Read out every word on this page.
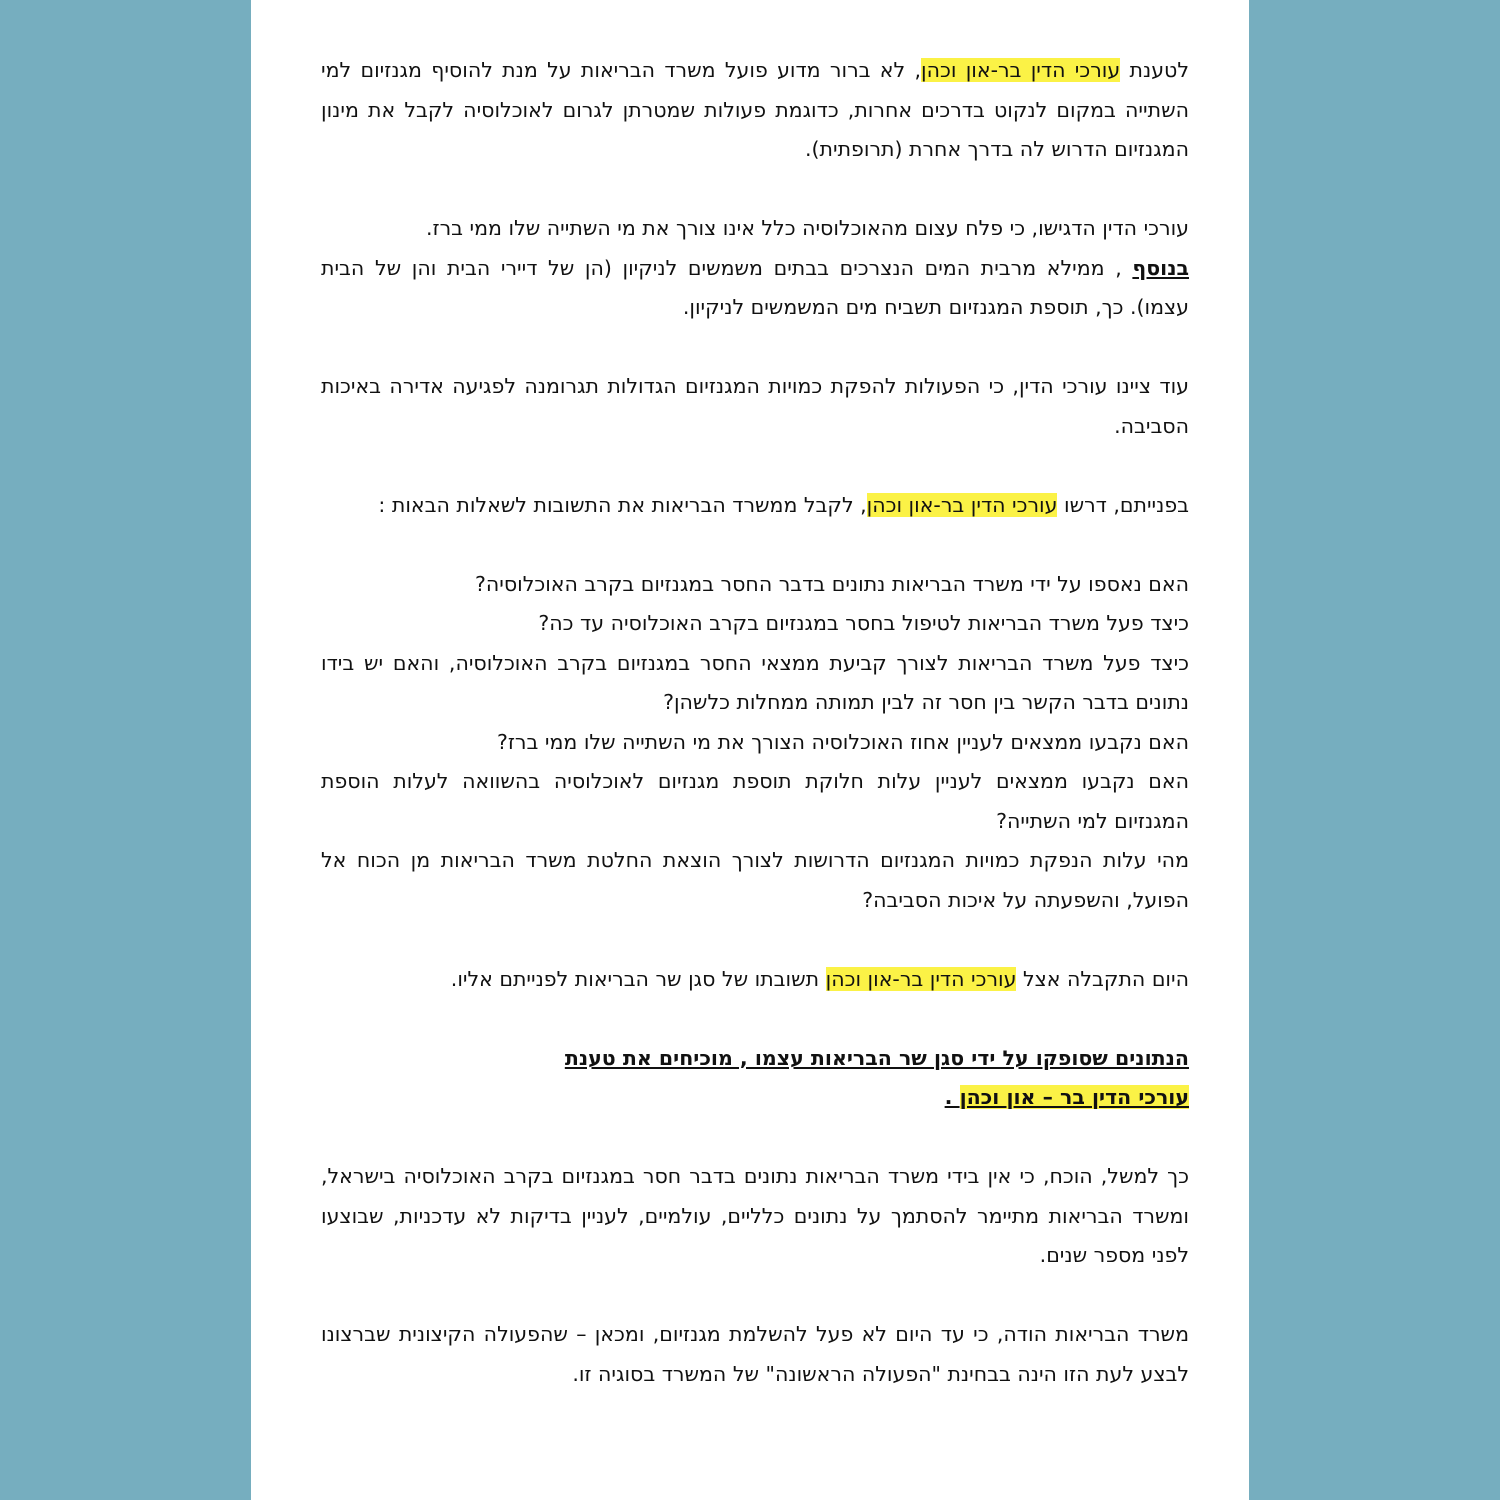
לטענת עורכי הדין בר-און וכהן, לא ברור מדוע פועל משרד הבריאות על מנת להוסיף מגנזיום למי השתייה במקום לנקוט בדרכים אחרות, כדוגמת פעולות שמטרתן לגרום לאוכלוסיה לקבל את מינון המגנזיום הדרוש לה בדרך אחרת (תרופתית).

עורכי הדין הדגישו, כי פלח עצום מהאוכלוסיה כלל אינו צורך את מי השתייה שלו ממי ברז.
בנוסף , ממילא מרבית המים הנצרכים בבתים משמשים לניקיון (הן של דיירי הבית והן של הבית עצמו). כך, תוספת המגנזיום תשביח מים המשמשים לניקיון.

עוד ציינו עורכי הדין, כי הפעולות להפקת כמויות המגנזיום הגדולות תגרומנה לפגיעה אדירה באיכות הסביבה.

בפנייתם, דרשו עורכי הדין בר-און וכהן, לקבל ממשרד הבריאות את התשובות לשאלות הבאות :

האם נאספו על ידי משרד הבריאות נתונים בדבר החסר במגנזיום בקרב האוכלוסיה?

כיצד פעל משרד הבריאות לטיפול בחסר במגנזיום בקרב האוכלוסיה עד כה?

כיצד פעל משרד הבריאות לצורך קביעת ממצאי החסר במגנזיום בקרב האוכלוסיה, והאם יש בידו נתונים בדבר הקשר בין חסר זה לבין תמותה ממחלות כלשהן?

האם נקבעו ממצאים לעניין אחוז האוכלוסיה הצורך את מי השתייה שלו ממי ברז?

האם נקבעו ממצאים לעניין עלות חלוקת תוספת מגנזיום לאוכלוסיה בהשוואה לעלות הוספת המגנזיום למי השתייה?

מהי עלות הנפקת כמויות המגנזיום הדרושות לצורך הוצאת החלטת משרד הבריאות מן הכוח אל הפועל, והשפעתה על איכות הסביבה?

היום התקבלה אצל עורכי הדין בר-און וכהן תשובתו של סגן שר הבריאות לפנייתם אליו.

הנתונים שסופקו על ידי סגן שר הבריאות עצמו , מוכיחים את טענת
עורכי הדין בר – און וכהן .

כך למשל, הוכח, כי אין בידי משרד הבריאות נתונים בדבר חסר במגנזיום בקרב האוכלוסיה בישראל, ומשרד הבריאות מתיימר להסתמך על נתונים כלליים, עולמיים, לעניין בדיקות לא עדכניות, שבוצעו לפני מספר שנים.

משרד הבריאות הודה, כי עד היום לא פעל להשלמת מגנזיום, ומכאן – שהפעולה הקיצונית שברצונו לבצע לעת הזו הינה בבחינת "הפעולה הראשונה" של המשרד בסוגיה זו.
